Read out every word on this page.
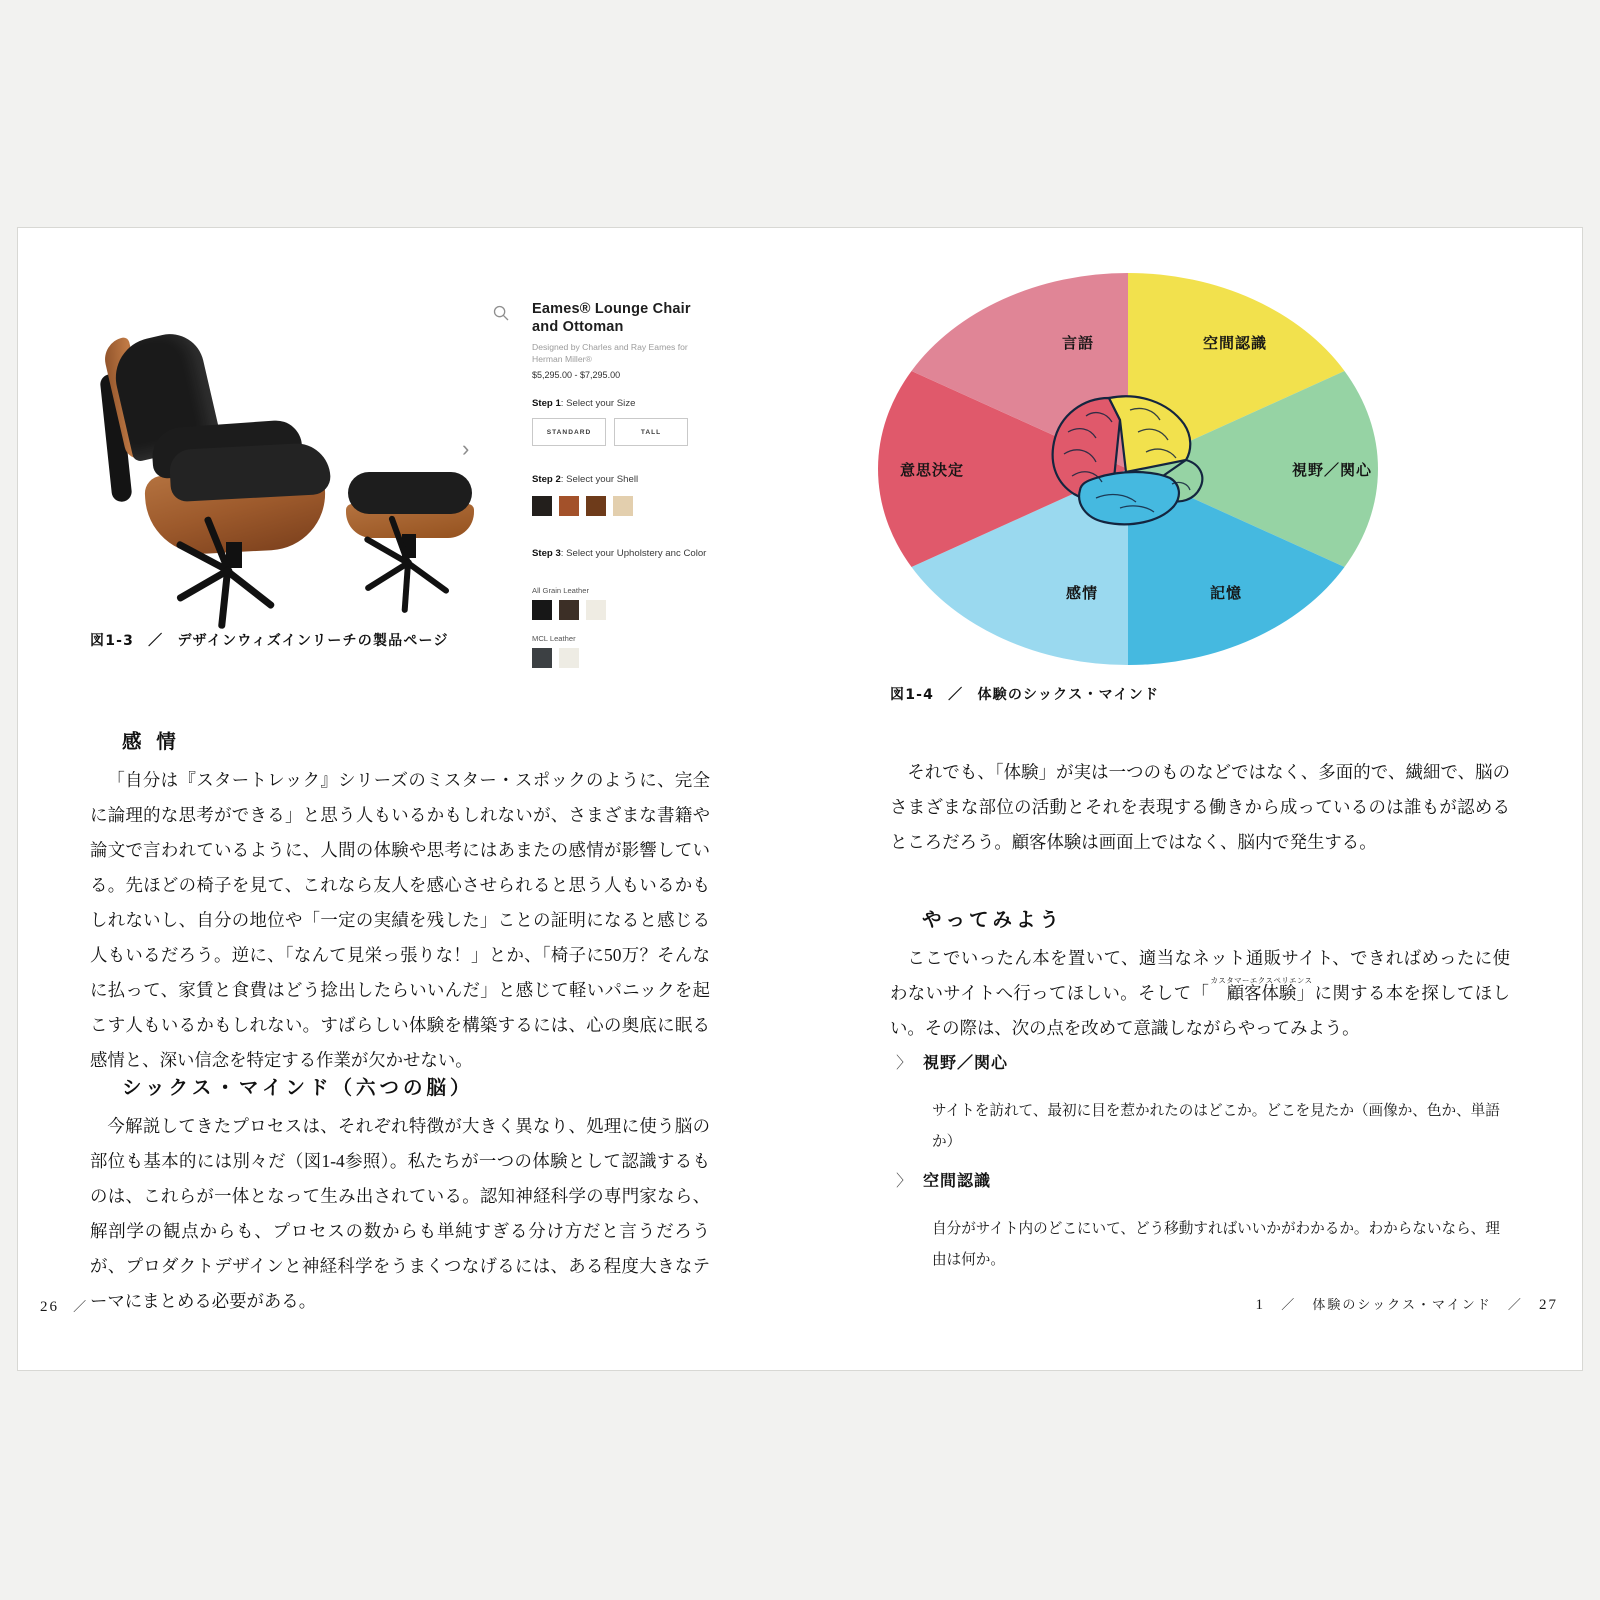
›
Eames® Lounge Chair and Ottoman
Designed by Charles and Ray Eames for Herman Miller®
$5,295.00 - $7,295.00
Step 1: Select your Size
STANDARD	TALL
Step 2: Select your Shell
Step 3: Select your Upholstery anc Color
All Grain Leather
MCL Leather
図1-3 ／ デザインウィズインリーチの製品ページ
感 情

「自分は『スタートレック』シリーズのミスター・スポックのように、完全に論理的な思考ができる」と思う人もいるかもしれないが、さまざまな書籍や論文で言われているように、人間の体験や思考にはあまたの感情が影響している。先ほどの椅子を見て、これなら友人を感心させられると思う人もいるかもしれないし、自分の地位や「一定の実績を残した」ことの証明になると感じる人もいるだろう。逆に、「なんて見栄っ張りな！」とか、「椅子に50万？そんなに払って、家賃と食費はどう捻出したらいいんだ」と感じて軽いパニックを起こす人もいるかもしれない。すばらしい体験を構築するには、心の奥底に眠る感情と、深い信念を特定する作業が欠かせない。

シックス・マインド（六つの脳）

今解説してきたプロセスは、それぞれ特徴が大きく異なり、処理に使う脳の部位も基本的には別々だ（図1-4参照）。私たちが一つの体験として認識するものは、これらが一体となって生み出されている。認知神経科学の専門家なら、解剖学の観点からも、プロセスの数からも単純すぎる分け方だと言うだろうが、プロダクトデザインと神経科学をうまくつなげるには、ある程度大きなテーマにまとめる必要がある。

26 ／
言語	空間認識
視野／関心
記憶
感情
意思決定
図1-4 ／ 体験のシックス・マインド

それでも、「体験」が実は一つのものなどではなく、多面的で、繊細で、脳のさまざまな部位の活動とそれを表現する働きから成っているのは誰もが認めるところだろう。顧客体験は画面上ではなく、脳内で発生する。

やってみよう

ここでいったん本を置いて、適当なネット通販サイト、できればめったに使わないサイトへ行ってほしい。そして「
カスタマーエクスペリエンス
顧客体験」に関する本を探してほしい。その際は、次の点を改めて意識しながらやってみよう。

〉 視野／関心

サイトを訪れて、最初に目を惹かれたのはどこか。どこを見たか（画像か、色か、単語か）

〉 空間認識

自分がサイト内のどこにいて、どう移動すればいいかがわかるか。わからないなら、理由は何か。

1 ／ 体験のシックス・マインド ／ 27
